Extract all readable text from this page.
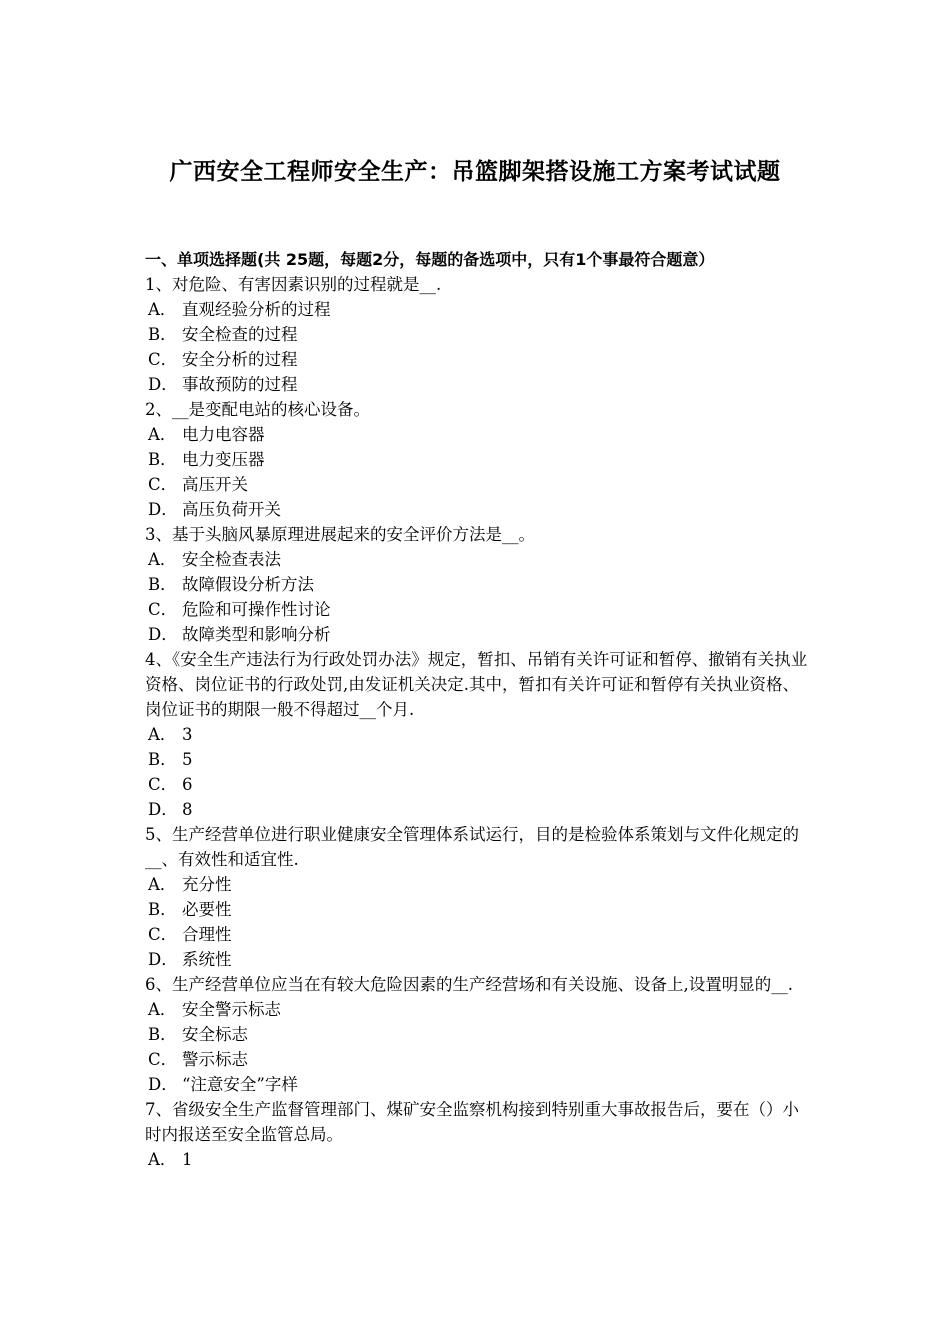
广西安全工程师安全生产：吊篮脚架搭设施工方案考试试题

一、单项选择题(共 25题，每题2分，每题的备选项中，只有1个事最符合题意）

1、对危险、有害因素识别的过程就是__.

A． 直观经验分析的过程
B． 安全检查的过程
C． 安全分析的过程
D． 事故预防的过程

2、__是变配电站的核心设备。

A． 电力电容器
B． 电力变压器
C． 高压开关
D． 高压负荷开关

3、基于头脑风暴原理进展起来的安全评价方法是__。

A． 安全检查表法
B． 故障假设分析方法
C． 危险和可操作性讨论
D． 故障类型和影响分析

4、《安全生产违法行为行政处罚办法》规定，暂扣、吊销有关许可证和暂停、撤销有关执业资格、岗位证书的行政处罚,由发证机关决定.其中，暂扣有关许可证和暂停有关执业资格、岗位证书的期限一般不得超过__个月.

A． 3
B． 5
C． 6
D． 8

5、生产经营单位进行职业健康安全管理体系试运行，目的是检验体系策划与文件化规定的__、有效性和适宜性.

A． 充分性
B． 必要性
C． 合理性
D． 系统性

6、生产经营单位应当在有较大危险因素的生产经营场和有关设施、设备上,设置明显的__.

A． 安全警示标志
B． 安全标志
C． 警示标志
D． “注意安全”字样

7、省级安全生产监督管理部门、煤矿安全监察机构接到特别重大事故报告后，要在（）小时内报送至安全监管总局。

A． 1
